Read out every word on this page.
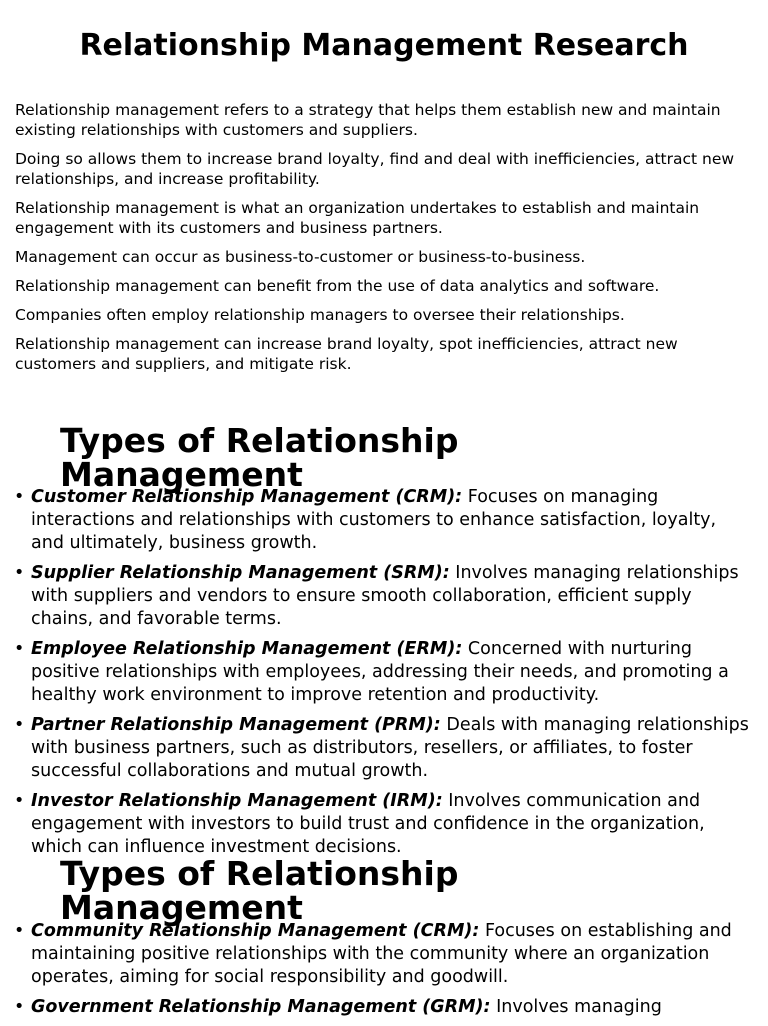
Relationship Management Research

Relationship management refers to a strategy that helps them establish new and maintain existing relationships with customers and suppliers.

Doing so allows them to increase brand loyalty, find and deal with inefficiencies, attract new relationships, and increase profitability.

Relationship management is what an organization undertakes to establish and maintain engagement with its customers and business partners.

Management can occur as business-to-customer or business-to-business.

Relationship management can benefit from the use of data analytics and software.

Companies often employ relationship managers to oversee their relationships.

Relationship management can increase brand loyalty, spot inefficiencies, attract new customers and suppliers, and mitigate risk.

Types of Relationship
Management
• Customer Relationship Management (CRM): Focuses on managing interactions and relationships with customers to enhance satisfaction, loyalty, and ultimately, business growth.
• Supplier Relationship Management (SRM): Involves managing relationships with suppliers and vendors to ensure smooth collaboration, efficient supply chains, and favorable terms.
• Employee Relationship Management (ERM): Concerned with nurturing positive relationships with employees, addressing their needs, and promoting a healthy work environment to improve retention and productivity.
• Partner Relationship Management (PRM): Deals with managing relationships with business partners, such as distributors, resellers, or affiliates, to foster successful collaborations and mutual growth.
• Investor Relationship Management (IRM): Involves communication and engagement with investors to build trust and confidence in the organization, which can influence investment decisions.
Types of Relationship
Management
• Community Relationship Management (CRM): Focuses on establishing and maintaining positive relationships with the community where an organization operates, aiming for social responsibility and goodwill.
• Government Relationship Management (GRM): Involves managing
